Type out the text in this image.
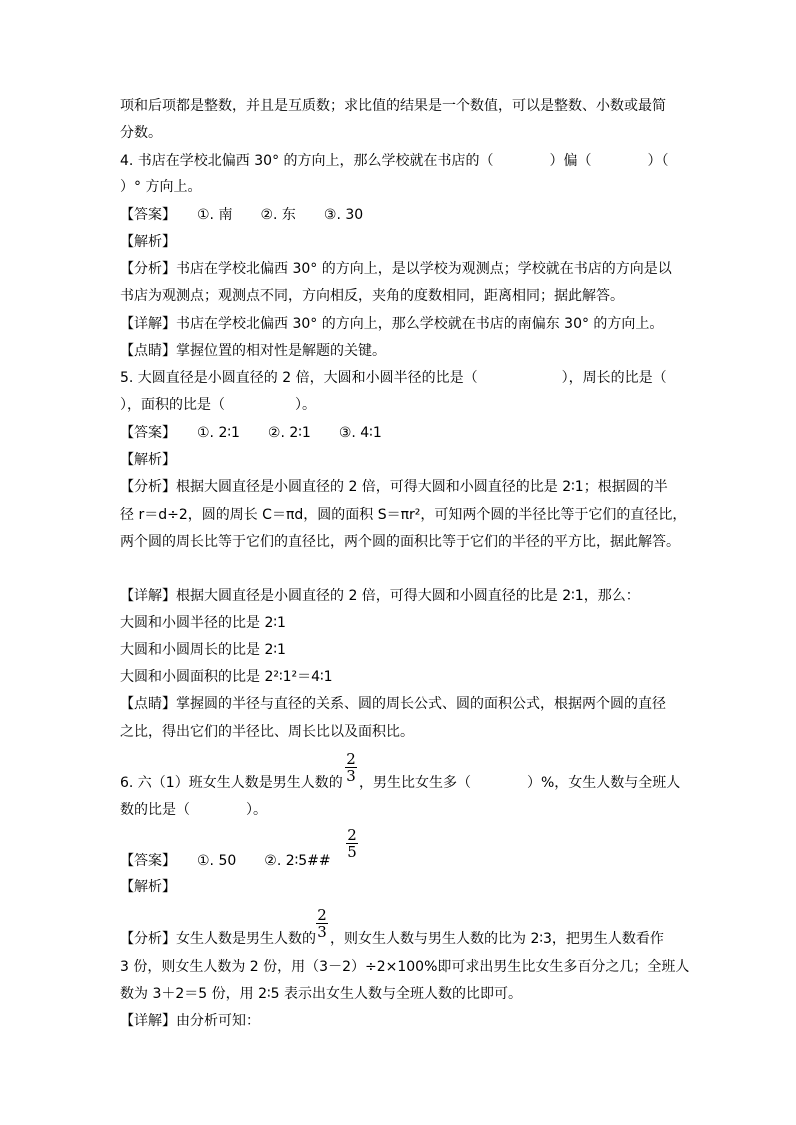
项和后项都是整数，并且是互质数；求比值的结果是一个数值，可以是整数、小数或最简
分数。
4. 书店在学校北偏西 30° 的方向上，那么学校就在书店的（　　　　）偏（　　　　）（
）° 方向上。
【答案】　　①. 南　　②. 东　　③. 30
【解析】
【分析】书店在学校北偏西 30° 的方向上，是以学校为观测点；学校就在书店的方向是以
书店为观测点；观测点不同，方向相反，夹角的度数相同，距离相同；据此解答。
【详解】书店在学校北偏西 30° 的方向上，那么学校就在书店的南偏东 30° 的方向上。
【点睛】掌握位置的相对性是解题的关键。
5. 大圆直径是小圆直径的 2 倍，大圆和小圆半径的比是（　　　　　　），周长的比是（
），面积的比是（　　　　　）。
【答案】　　①. 2∶1　　②. 2∶1　　③. 4∶1
【解析】
【分析】根据大圆直径是小圆直径的 2 倍，可得大圆和小圆直径的比是 2∶1；根据圆的半
径 r＝d÷2，圆的周长 C＝πd，圆的面积 S＝πr²，可知两个圆的半径比等于它们的直径比，
两个圆的周长比等于它们的直径比，两个圆的面积比等于它们的半径的平方比，据此解答。
【详解】根据大圆直径是小圆直径的 2 倍，可得大圆和小圆直径的比是 2∶1，那么：
大圆和小圆半径的比是 2∶1
大圆和小圆周长的比是 2∶1
大圆和小圆面积的比是 2²∶1²＝4∶1
【点睛】掌握圆的半径与直径的关系、圆的周长公式、圆的面积公式，根据两个圆的直径
之比，得出它们的半径比、周长比以及面积比。
6. 六（1）班女生人数是男生人数的
2
3 ，男生比女生多（　　　　）%，女生人数与全班人
数的比是（　　　　）。
【答案】　　①. 50　　②. 2∶5##
2
5
【解析】
【分析】女生人数是男生人数的
2
3 ，则女生人数与男生人数的比为 2∶3，把男生人数看作
3 份，则女生人数为 2 份，用（3－2）÷2×100%即可求出男生比女生多百分之几；全班人
数为 3＋2＝5 份，用 2∶5 表示出女生人数与全班人数的比即可。
【详解】由分析可知：
